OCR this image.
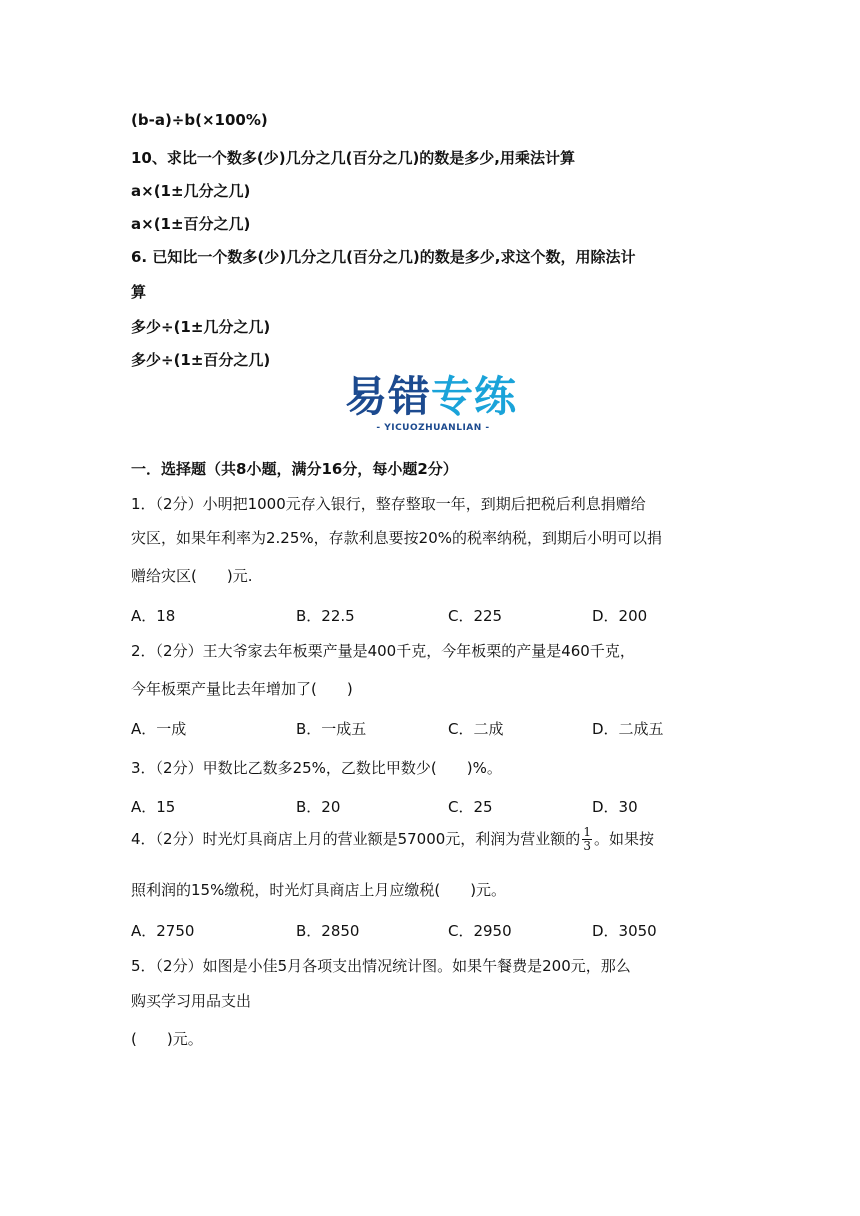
(b-a)÷b(×100%)
10、求比一个数多(少)几分之几(百分之几)的数是多少,用乘法计算
a×(1±几分之几)
a×(1±百分之几)
6. 已知比一个数多(少)几分之几(百分之几)的数是多少,求这个数，用除法计
算
多少÷(1±几分之几)
多少÷(1±百分之几)
易错专练
- YICUOZHUANLIAN -
一．选择题（共8小题，满分16分，每小题2分）
1．（2分）小明把1000元存入银行，整存整取一年，到期后把税后利息捐赠给
灾区，如果年利率为2.25%，存款利息要按20%的税率纳税，到期后小明可以捐
赠给灾区(　　)元.
A．18	B．22.5	C．225	D．200
2．（2分）王大爷家去年板栗产量是400千克，今年板栗的产量是460千克，
今年板栗产量比去年增加了(　　)
A．一成	B．一成五	C．二成	D．二成五
3．（2分）甲数比乙数多25%，乙数比甲数少(　　)%。
A．15	B．20	C．25	D．30
4．（2分）时光灯具商店上月的营业额是57000元，利润为营业额的 $\frac{1}{3}$ 。如果按
照利润的15%缴税，时光灯具商店上月应缴税(　　)元。
A．2750	B．2850	C．2950	D．3050
5．（2分）如图是小佳5月各项支出情况统计图。如果午餐费是200元，那么
购买学习用品支出
(　　)元。
